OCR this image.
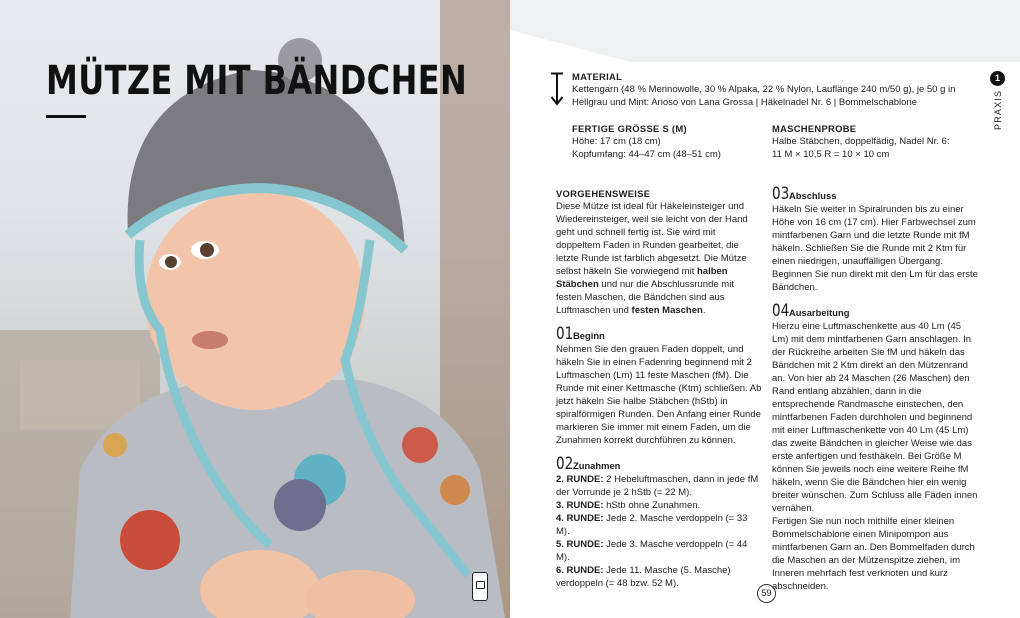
MÜTZE MIT BÄNDCHEN	MATERIAL
Kettengarn (48 % Merinowolle, 30 % Alpaka, 22 % Nylon, Lauflänge 240 m/50 g), je 50 g in Hellgrau und Mint: Arioso von Lana Grossa | Häkelnadel Nr. 6 | Bommelschablone
FERTIGE GRÖSSE S (M)
Höhe: 17 cm (18 cm)
Kopfumfang: 44–47 cm (48–51 cm)
MASCHENPROBE
Halbe Stäbchen, doppelfädig, Nadel Nr. 6:
11 M × 10,5 R = 10 × 10 cm
VORGEHENSWEISE
Diese Mütze ist ideal für Häkeleinsteiger und Wiedereinsteiger, weil sie leicht von der Hand geht und schnell fertig ist. Sie wird mit doppeltem Faden in Runden gearbeitet, die letzte Runde ist farblich abgesetzt. Die Mütze selbst häkeln Sie vorwiegend mit halben Stäbchen und nur die Abschlussrunde mit festen Maschen, die Bändchen sind aus Luftmaschen und festen Maschen.
01 Beginn
Nehmen Sie den grauen Faden doppelt, und häkeln Sie in einen Fadenring beginnend mit 2 Luftmaschen (Lm) 11 feste Maschen (fM). Die Runde mit einer Kettmasche (Ktm) schließen. Ab jetzt häkeln Sie halbe Stäbchen (hStb) in spiralförmigen Runden. Den Anfang einer Runde markieren Sie immer mit einem Faden, um die Zunahmen korrekt durchführen zu können.
02 Zunahmen
2. RUNDE: 2 Hebeluftmaschen, dann in jede fM der Vorrunde je 2 hStb (= 22 M).
3. RUNDE: hStb ohne Zunahmen.
4. RUNDE: Jede 2. Masche verdoppeln (= 33 M).
5. RUNDE: Jede 3. Masche verdoppeln (= 44 M).
6. RUNDE: Jede 11. Masche (5. Masche) verdoppeln (= 48 bzw. 52 M).
03 Abschluss
Häkeln Sie weiter in Spiralrunden bis zu einer Höhe von 16 cm (17 cm). Hier Farbwechsel zum mintfarbenen Garn und die letzte Runde mit fM häkeln. Schließen Sie die Runde mit 2 Ktm für einen niedrigen, unauffälligen Übergang. Beginnen Sie nun direkt mit den Lm für das erste Bändchen.
04 Ausarbeitung
Hierzu eine Luftmaschenkette aus 40 Lm (45 Lm) mit dem mintfarbenen Garn anschlagen. In der Rückreihe arbeiten Sie fM und häkeln das Bändchen mit 2 Ktm direkt an den Mützenrand an. Von hier ab 24 Maschen (26 Maschen) den Rand entlang abzählen, dann in die entsprechende Randmasche einstechen, den mintfarbenen Faden durchholen und beginnend mit einer Luftmaschenkette von 40 Lm (45 Lm) das zweite Bändchen in gleicher Weise wie das erste anfertigen und festhäkeln. Bei Größe M können Sie jeweils noch eine weitere Reihe fM häkeln, wenn Sie die Bändchen hier ein wenig breiter wünschen. Zum Schluss alle Fäden innen vernähen.
Fertigen Sie nun noch mithilfe einer kleinen Bommelschablone einen Minipompon aus mintfarbenen Garn an. Den Bommelfaden durch die Maschen an der Mützenspitze ziehen, im Inneren mehrfach fest verknoten und kurz abschneiden.
1
PRAXIS
59
